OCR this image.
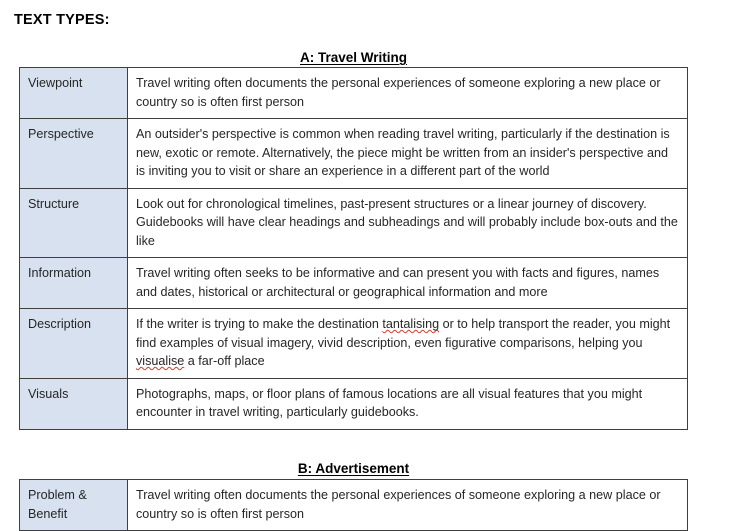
TEXT TYPES:
A: Travel Writing
Viewpoint	Travel writing often documents the personal experiences of someone exploring a new place or country so is often first person
Perspective	An outsider's perspective is common when reading travel writing, particularly if the destination is new, exotic or remote. Alternatively, the piece might be written from an insider's perspective and is inviting you to visit or share an experience in a different part of the world
Structure	Look out for chronological timelines, past-present structures or a linear journey of discovery. Guidebooks will have clear headings and subheadings and will probably include box-outs and the like
Information	Travel writing often seeks to be informative and can present you with facts and figures, names and dates, historical or architectural or geographical information and more
Description	If the writer is trying to make the destination tantalising or to help transport the reader, you might find examples of visual imagery, vivid description, even figurative comparisons, helping you visualise a far-off place
Visuals	Photographs, maps, or floor plans of famous locations are all visual features that you might encounter in travel writing, particularly guidebooks.
B: Advertisement
Problem & Benefit	Travel writing often documents the personal experiences of someone exploring a new place or country so is often first person
